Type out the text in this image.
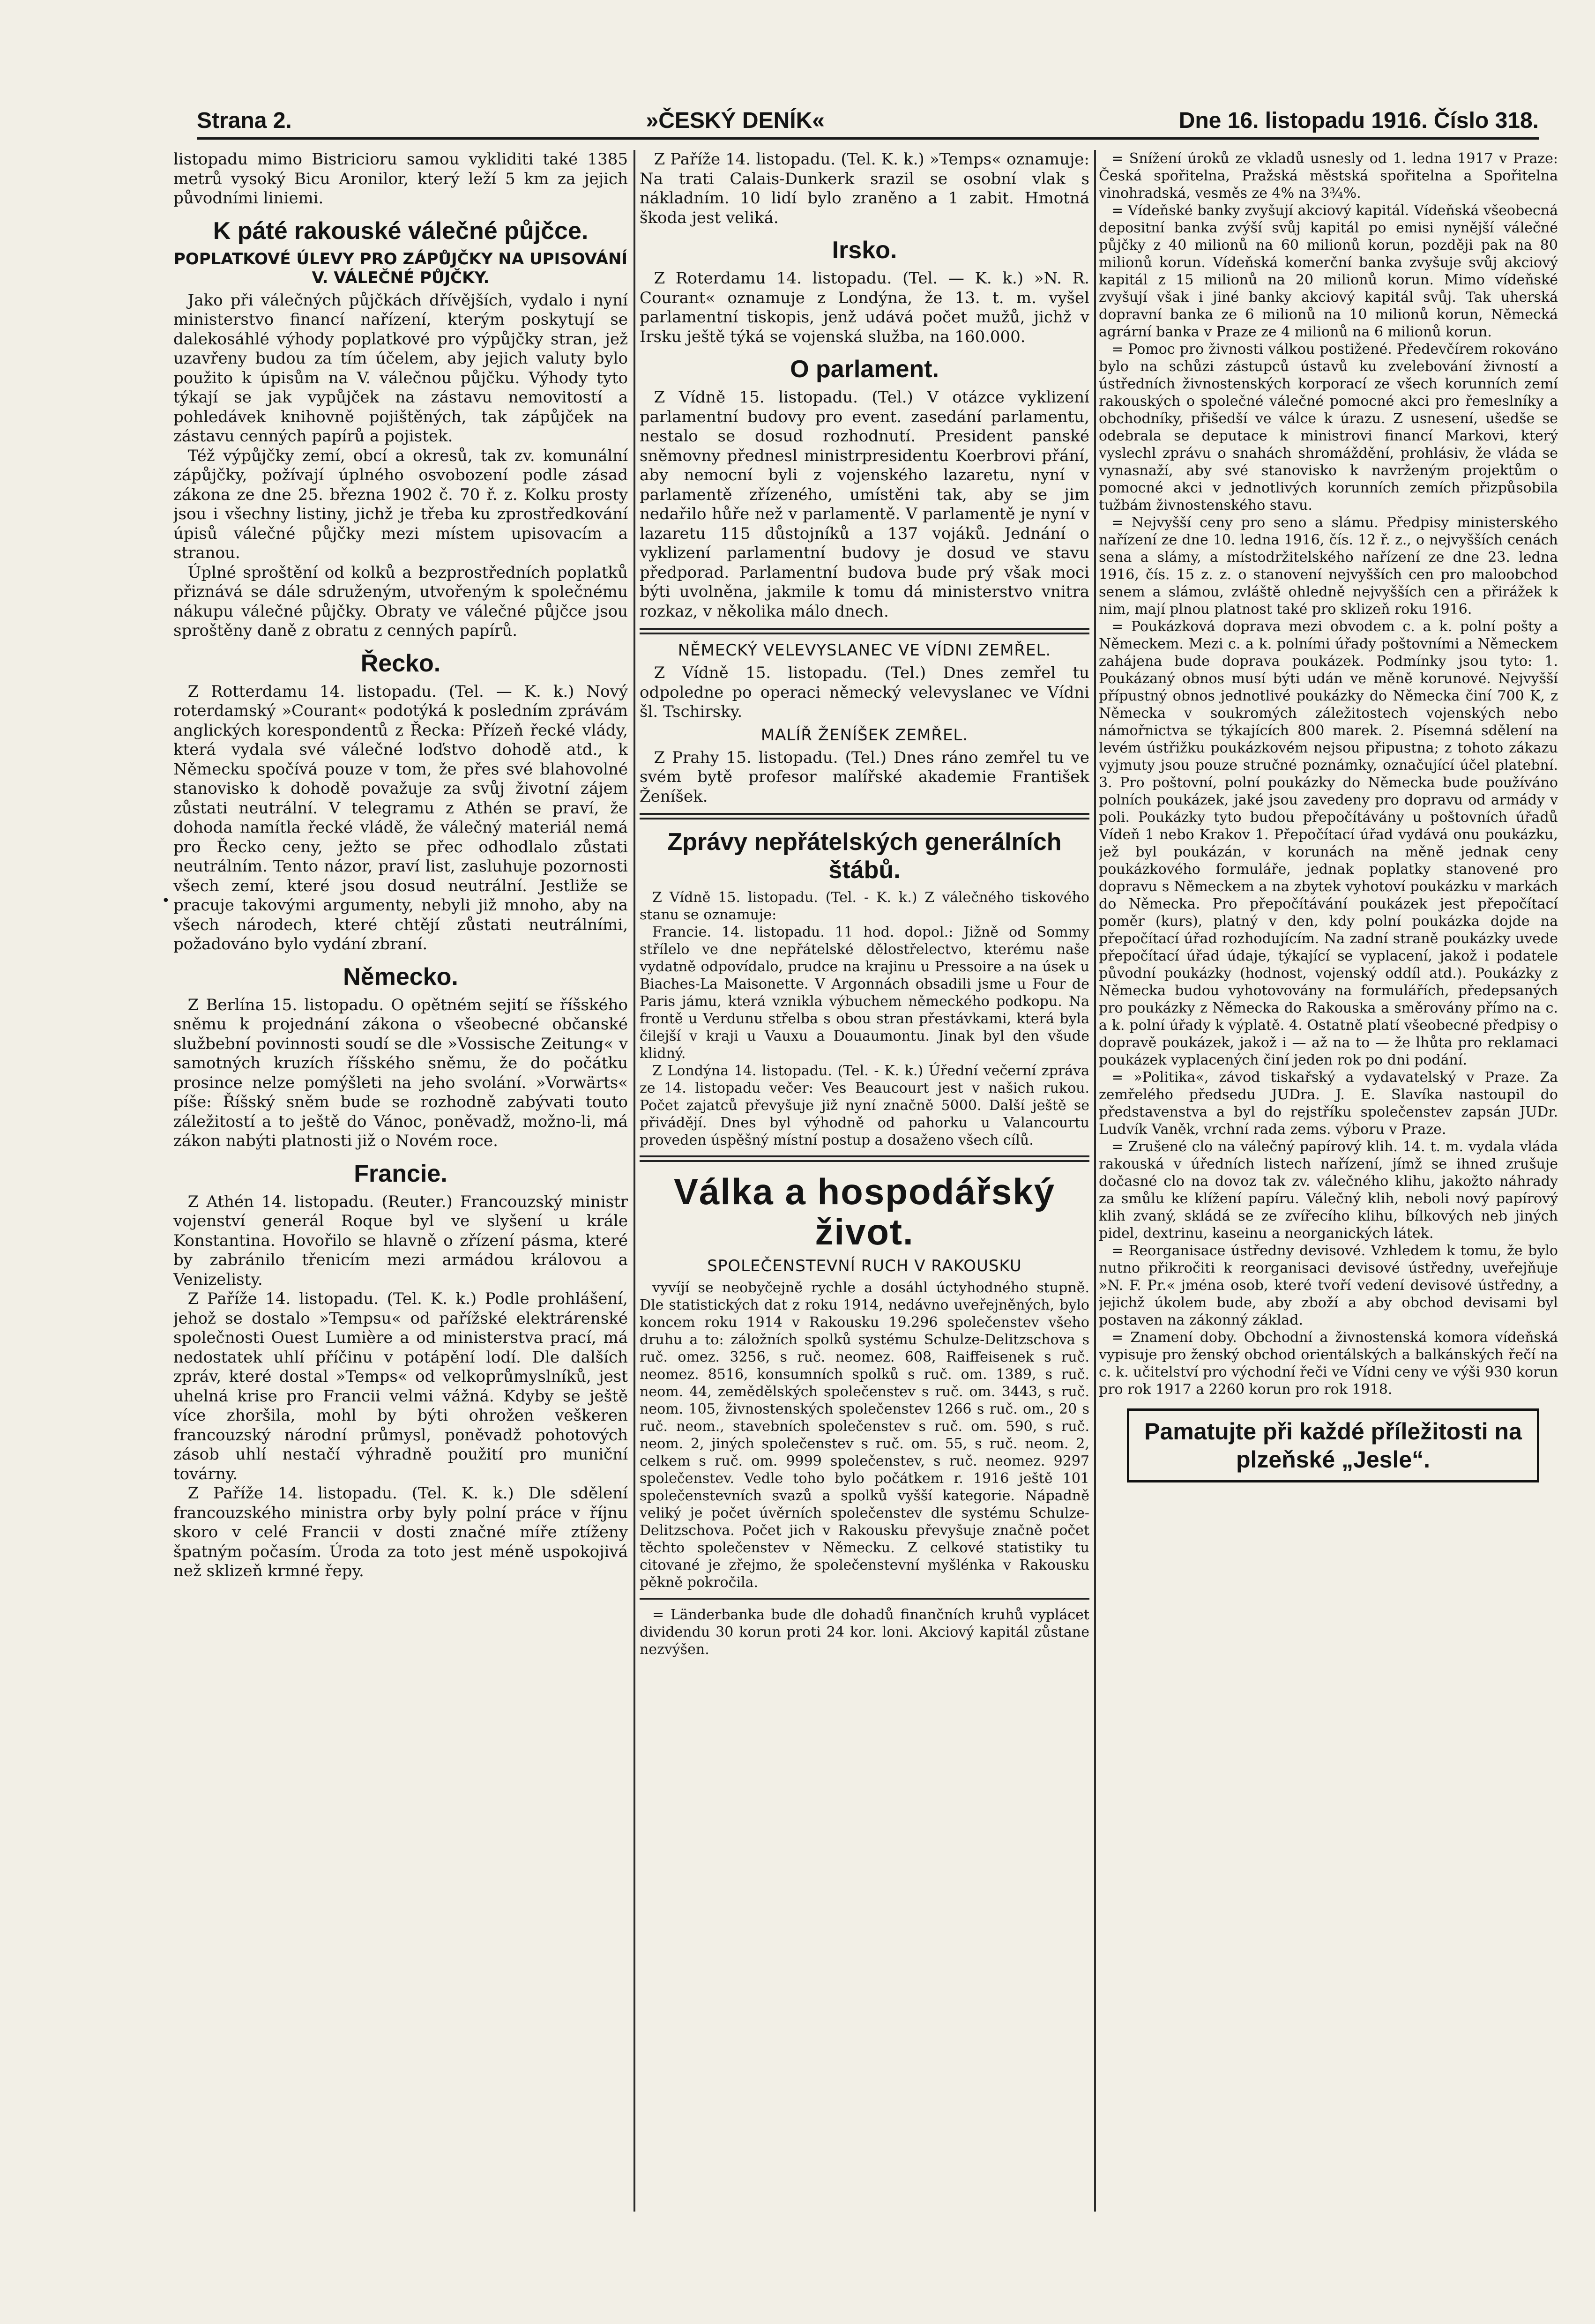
Strana 2.	»ČESKÝ DENÍK«	Dne 16. listopadu 1916. Číslo 318.
•

listopadu mimo Bistricioru samou vykliditi také 1385 metrů vysoký Bicu Aronilor, který leží 5 km za jejich původními liniemi.

K páté rakouské válečné půjčce.
POPLATKOVÉ ÚLEVY PRO ZÁPŮJČKY NA UPISOVÁNÍ V. VÁLEČNÉ PŮJČKY.

Jako při válečných půjčkách dřívějších, vydalo i nyní ministerstvo financí nařízení, kterým poskytují se dalekosáhlé výhody poplatkové pro výpůjčky stran, jež uzavřeny budou za tím účelem, aby jejich valuty bylo použito k úpisům na V. válečnou půjčku. Výhody tyto týkají se jak vypůjček na zástavu nemovitostí a pohledávek knihovně pojištěných, tak zápůjček na zástavu cenných papírů a pojistek.

Též výpůjčky zemí, obcí a okresů, tak zv. komunální zápůjčky, požívají úplného osvobození podle zásad zákona ze dne 25. března 1902 č. 70 ř. z. Kolku prosty jsou i všechny listiny, jichž je třeba ku zprostředkování úpisů válečné půjčky mezi místem upisovacím a stranou.

Úplné sproštění od kolků a bezprostředních poplatků přiznává se dále sdruženým, utvořeným k společnému nákupu válečné půjčky. Obraty ve válečné půjčce jsou sproštěny daně z obratu z cenných papírů.

Řecko.

Z Rotterdamu 14. listopadu. (Tel. — K. k.) Nový roterdamský »Courant« podotýká k posledním zprávám anglických korespondentů z Řecka: Přízeň řecké vlády, která vydala své válečné loďstvo dohodě atd., k Německu spočívá pouze v tom, že přes své blahovolné stanovisko k dohodě považuje za svůj životní zájem zůstati neutrální. V telegramu z Athén se praví, že dohoda namítla řecké vládě, že válečný materiál nemá pro Řecko ceny, ježto se přec odhodlalo zůstati neutrálním. Tento názor, praví list, zasluhuje pozornosti všech zemí, které jsou dosud neutrální. Jestliže se pracuje takovými argumenty, nebyli již mnoho, aby na všech národech, které chtějí zůstati neutrálními, požadováno bylo vydání zbraní.

Německo.

Z Berlína 15. listopadu. O opětném sejití se říšského sněmu k projednání zákona o všeobecné občanské službební povinnosti soudí se dle »Vossische Zeitung« v samotných kruzích říšského sněmu, že do počátku prosince nelze pomýšleti na jeho svolání. »Vorwärts« píše: Říšský sněm bude se rozhodně zabývati touto záležitostí a to ještě do Vánoc, poněvadž, možno-li, má zákon nabýti platnosti již o Novém roce.

Francie.

Z Athén 14. listopadu. (Reuter.) Francouzský ministr vojenství generál Roque byl ve slyšení u krále Konstantina. Hovořilo se hlavně o zřízení pásma, které by zabránilo třenicím mezi armádou královou a Venizelisty.

Z Paříže 14. listopadu. (Tel. K. k.) Podle prohlášení, jehož se dostalo »Tempsu« od pařížské elektrárenské společnosti Ouest Lumière a od ministerstva prací, má nedostatek uhlí příčinu v potápění lodí. Dle dalších zpráv, které dostal »Temps« od velkoprůmyslníků, jest uhelná krise pro Francii velmi vážná. Kdyby se ještě více zhoršila, mohl by býti ohrožen veškeren francouzský národní průmysl, poněvadž pohotových zásob uhlí nestačí výhradně použití pro muniční továrny.

Z Paříže 14. listopadu. (Tel. K. k.) Dle sdělení francouzského ministra orby byly polní práce v říjnu skoro v celé Francii v dosti značné míře ztíženy špatným počasím. Úroda za toto jest méně uspokojivá než sklizeň krmné řepy.

Z Paříže 14. listopadu. (Tel. K. k.) »Temps« oznamuje: Na trati Calais-Dunkerk srazil se osobní vlak s nákladním. 10 lidí bylo zraněno a 1 zabit. Hmotná škoda jest veliká.

Irsko.

Z Roterdamu 14. listopadu. (Tel. — K. k.) »N. R. Courant« oznamuje z Londýna, že 13. t. m. vyšel parlamentní tiskopis, jenž udává počet mužů, jichž v Irsku ještě týká se vojenská služba, na 160.000.

O parlament.

Z Vídně 15. listopadu. (Tel.) V otázce vyklizení parlamentní budovy pro event. zasedání parlamentu, nestalo se dosud rozhodnutí. President panské sněmovny přednesl ministrpresidentu Koerbrovi přání, aby nemocní byli z vojenského lazaretu, nyní v parlamentě zřízeného, umístěni tak, aby se jim nedařilo hůře než v parlamentě. V parlamentě je nyní v lazaretu 115 důstojníků a 137 vojáků. Jednání o vyklizení parlamentní budovy je dosud ve stavu předporad. Parlamentní budova bude prý však moci býti uvolněna, jakmile k tomu dá ministerstvo vnitra rozkaz, v několika málo dnech.

NĚMECKÝ VELEVYSLANEC VE VÍDNI ZEMŘEL.

Z Vídně 15. listopadu. (Tel.) Dnes zemřel tu odpoledne po operaci německý velevyslanec ve Vídni šl. Tschirsky.

MALÍŘ ŽENÍŠEK ZEMŘEL.

Z Prahy 15. listopadu. (Tel.) Dnes ráno zemřel tu ve svém bytě profesor malířské akademie František Ženíšek.

Zprávy nepřátelských generálních štábů.

Z Vídně 15. listopadu. (Tel. - K. k.) Z válečného tiskového stanu se oznamuje:

Francie. 14. listopadu. 11 hod. dopol.: Jižně od Sommy střílelo ve dne nepřátelské dělostřelectvo, kterému naše vydatně odpovídalo, prudce na krajinu u Pressoire a na úsek u Biaches-La Maisonette. V Argonnách obsadili jsme u Four de Paris jámu, která vznikla výbuchem německého podkopu. Na frontě u Verdunu střelba s obou stran přestávkami, která byla čilejší v kraji u Vauxu a Douaumontu. Jinak byl den všude klidný.

Z Londýna 14. listopadu. (Tel. - K. k.) Úřední večerní zpráva ze 14. listopadu večer: Ves Beaucourt jest v našich rukou. Počet zajatců převyšuje již nyní značně 5000. Další ještě se přivádějí. Dnes byl výhodně od pahorku u Valancourtu proveden úspěšný místní postup a dosaženo všech cílů.

Válka a hospodářský život.
SPOLEČENSTEVNÍ RUCH V RAKOUSKU

vyvíjí se neobyčejně rychle a dosáhl úctyhodného stupně. Dle statistických dat z roku 1914, nedávno uveřejněných, bylo koncem roku 1914 v Rakousku 19.296 společenstev všeho druhu a to: záložních spolků systému Schulze-Delitzschova s ruč. omez. 3256, s ruč. neomez. 608, Raiffeisenek s ruč. neomez. 8516, konsumních spolků s ruč. om. 1389, s ruč. neom. 44, zemědělských společenstev s ruč. om. 3443, s ruč. neom. 105, živnostenských společenstev 1266 s ruč. om., 20 s ruč. neom., stavebních společenstev s ruč. om. 590, s ruč. neom. 2, jiných společenstev s ruč. om. 55, s ruč. neom. 2, celkem s ruč. om. 9999 společenstev, s ruč. neomez. 9297 společenstev. Vedle toho bylo počátkem r. 1916 ještě 101 společenstevních svazů a spolků vyšší kategorie. Nápadně veliký je počet úvěrních společenstev dle systému Schulze-Delitzschova. Počet jich v Rakousku převyšuje značně počet těchto společenstev v Německu. Z celkové statistiky tu citované je zřejmo, že společenstevní myšlénka v Rakousku pěkně pokročila.

= Länderbanka bude dle dohadů finančních kruhů vyplácet dividendu 30 korun proti 24 kor. loni. Akciový kapitál zůstane nezvýšen.

= Snížení úroků ze vkladů usnesly od 1. ledna 1917 v Praze: Česká spořitelna, Pražská městská spořitelna a Spořitelna vinohradská, vesměs ze 4% na 3¾%.

= Vídeňské banky zvyšují akciový kapitál. Vídeňská všeobecná depositní banka zvýší svůj kapitál po emisi nynější válečné půjčky z 40 milionů na 60 milionů korun, později pak na 80 milionů korun. Vídeňská komerční banka zvyšuje svůj akciový kapitál z 15 milionů na 20 milionů korun. Mimo vídeňské zvyšují však i jiné banky akciový kapitál svůj. Tak uherská dopravní banka ze 6 milionů na 10 milionů korun, Německá agrární banka v Praze ze 4 milionů na 6 milionů korun.

= Pomoc pro živnosti válkou postižené. Předevčírem rokováno bylo na schůzi zástupců ústavů ku zvelebování živností a ústředních živnostenských korporací ze všech korunních zemí rakouských o společné válečné pomocné akci pro řemeslníky a obchodníky, přišedší ve válce k úrazu. Z usnesení, ušedše se odebrala se deputace k ministrovi financí Markovi, který vyslechl zprávu o snahách shromáždění, prohlásiv, že vláda se vynasnaží, aby své stanovisko k navrženým projektům o pomocné akci v jednotlivých korunních zemích přizpůsobila tužbám živnostenského stavu.

= Nejvyšší ceny pro seno a slámu. Předpisy ministerského nařízení ze dne 10. ledna 1916, čís. 12 ř. z., o nejvyšších cenách sena a slámy, a místodržitelského nařízení ze dne 23. ledna 1916, čís. 15 z. z. o stanovení nejvyšších cen pro maloobchod senem a slámou, zvláště ohledně nejvyšších cen a přirážek k nim, mají plnou platnost také pro sklizeň roku 1916.

= Poukázková doprava mezi obvodem c. a k. polní pošty a Německem. Mezi c. a k. polními úřady poštovními a Německem zahájena bude doprava poukázek. Podmínky jsou tyto: 1. Poukázaný obnos musí býti udán ve měně korunové. Nejvyšší přípustný obnos jednotlivé poukázky do Německa činí 700 K, z Německa v soukromých záležitostech vojenských nebo námořnictva se týkajících 800 marek. 2. Písemná sdělení na levém ústřižku poukázkovém nejsou připustna; z tohoto zákazu vyjmuty jsou pouze stručné poznámky, označující účel platební. 3. Pro poštovní, polní poukázky do Německa bude používáno polních poukázek, jaké jsou zavedeny pro dopravu od armády v poli. Poukázky tyto budou přepočítávány u poštovních úřadů Vídeň 1 nebo Krakov 1. Přepočítací úřad vydává onu poukázku, jež byl poukázán, v korunách na měně jednak ceny poukázkového formuláře, jednak poplatky stanovené pro dopravu s Německem a na zbytek vyhotoví poukázku v markách do Německa. Pro přepočítávání poukázek jest přepočítací poměr (kurs), platný v den, kdy polní poukázka dojde na přepočítací úřad rozhodujícím. Na zadní straně poukázky uvede přepočítací úřad údaje, týkající se vyplacení, jakož i podatele původní poukázky (hodnost, vojenský oddíl atd.). Poukázky z Německa budou vyhotovovány na formulářích, předepsaných pro poukázky z Německa do Rakouska a směrovány přímo na c. a k. polní úřady k výplatě. 4. Ostatně platí všeobecné předpisy o dopravě poukázek, jakož i — až na to — že lhůta pro reklamaci poukázek vyplacených činí jeden rok po dni podání.

= »Politika«, závod tiskařský a vydavatelský v Praze. Za zemřelého předsedu JUDra. J. E. Slavíka nastoupil do představenstva a byl do rejstříku společenstev zapsán JUDr. Ludvík Vaněk, vrchní rada zems. výboru v Praze.

= Zrušené clo na válečný papírový klih. 14. t. m. vydala vláda rakouská v úředních listech nařízení, jímž se ihned zrušuje dočasné clo na dovoz tak zv. válečného klihu, jakožto náhrady za smůlu ke klížení papíru. Válečný klih, neboli nový papírový klih zvaný, skládá se ze zvířecího klihu, bílkových neb jiných pidel, dextrinu, kaseinu a neorganických látek.

= Reorganisace ústředny devisové. Vzhledem k tomu, že bylo nutno přikročiti k reorganisaci devisové ústředny, uveřejňuje »N. F. Pr.« jména osob, které tvoří vedení devisové ústředny, a jejichž úkolem bude, aby zboží a aby obchod devisami byl postaven na zákonný základ.

= Znamení doby. Obchodní a živnostenská komora vídeňská vypisuje pro ženský obchod orientálských a balkánských řečí na c. k. učitelství pro východní řeči ve Vídni ceny ve výši 930 korun pro rok 1917 a 2260 korun pro rok 1918.

Pamatujte při každé příležitosti na plzeňské „Jesle“.
